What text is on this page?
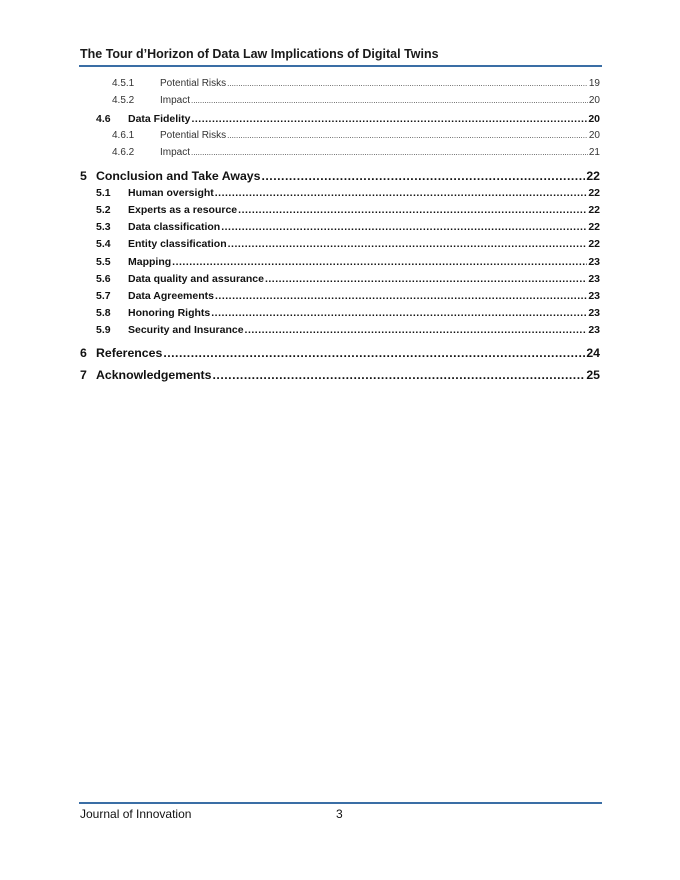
The Tour d’Horizon of Data Law Implications of Digital Twins
4.5.1	Potential Risks .....	19
4.5.2	Impact .....	20
4.6	Data Fidelity .....	20
4.6.1	Potential Risks .....	20
4.6.2	Impact .....	21
5 Conclusion and Take Aways .....	22
5.1	Human oversight .....	22
5.2	Experts as a resource .....	22
5.3	Data classification .....	22
5.4	Entity classification .....	22
5.5	Mapping .....	23
5.6	Data quality and assurance .....	23
5.7	Data Agreements .....	23
5.8	Honoring Rights .....	23
5.9	Security and Insurance .....	23
6 References .....	24
7 Acknowledgements .....	25
Journal of Innovation	3
